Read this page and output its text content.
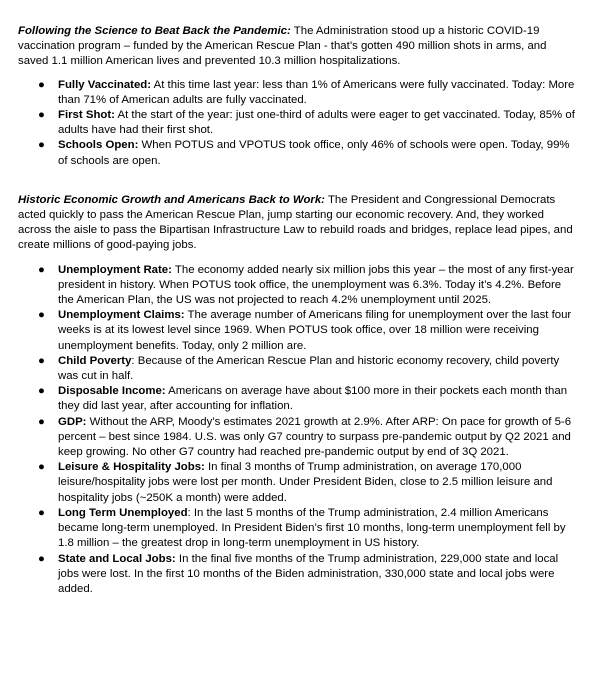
Following the Science to Beat Back the Pandemic: The Administration stood up a historic COVID-19 vaccination program – funded by the American Rescue Plan - that’s gotten 490 million shots in arms, and saved 1.1 million American lives and prevented 10.3 million hospitalizations.

● Fully Vaccinated: At this time last year: less than 1% of Americans were fully vaccinated. Today: More than 71% of American adults are fully vaccinated.
● First Shot: At the start of the year: just one-third of adults were eager to get vaccinated. Today, 85% of adults have had their first shot.
● Schools Open: When POTUS and VPOTUS took office, only 46% of schools were open. Today, 99% of schools are open.

Historic Economic Growth and Americans Back to Work: The President and Congressional Democrats acted quickly to pass the American Rescue Plan, jump starting our economic recovery. And, they worked across the aisle to pass the Bipartisan Infrastructure Law to rebuild roads and bridges, replace lead pipes, and create millions of good-paying jobs.

● Unemployment Rate: The economy added nearly six million jobs this year – the most of any first-year president in history. When POTUS took office, the unemployment was 6.3%. Today it’s 4.2%. Before the American Plan, the US was not projected to reach 4.2% unemployment until 2025.
● Unemployment Claims: The average number of Americans filing for unemployment over the last four weeks is at its lowest level since 1969. When POTUS took office, over 18 million were receiving unemployment benefits. Today, only 2 million are.
● Child Poverty: Because of the American Rescue Plan and historic economy recovery, child poverty was cut in half.
● Disposable Income: Americans on average have about $100 more in their pockets each month than they did last year, after accounting for inflation.
● GDP: Without the ARP, Moody’s estimates 2021 growth at 2.9%. After ARP: On pace for growth of 5-6 percent – best since 1984. U.S. was only G7 country to surpass pre-pandemic output by Q2 2021 and keep growing. No other G7 country had reached pre-pandemic output by end of 3Q 2021.
● Leisure & Hospitality Jobs: In final 3 months of Trump administration, on average 170,000 leisure/hospitality jobs were lost per month. Under President Biden, close to 2.5 million leisure and hospitality jobs (~250K a month) were added.
● Long Term Unemployed: In the last 5 months of the Trump administration, 2.4 million Americans became long-term unemployed. In President Biden’s first 10 months, long-term unemployment fell by 1.8 million – the greatest drop in long-term unemployment in US history.
● State and Local Jobs: In the final five months of the Trump administration, 229,000 state and local jobs were lost. In the first 10 months of the Biden administration, 330,000 state and local jobs were added.
